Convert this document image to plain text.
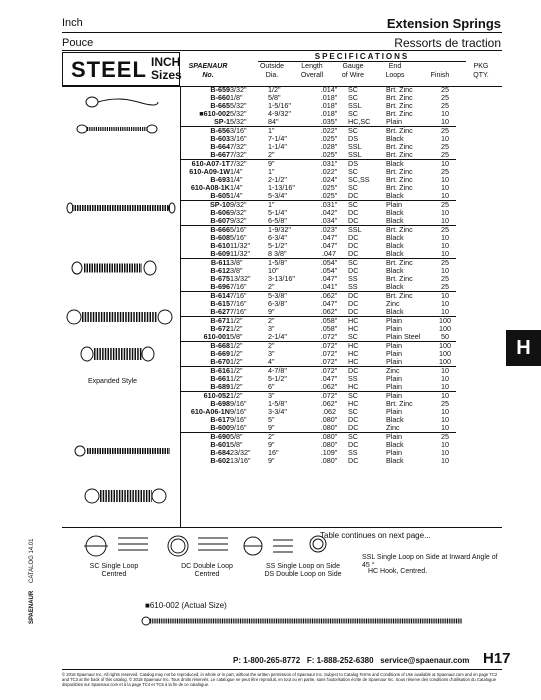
Inch
Pouce
Extension Springs
Ressorts de traction
STEEL INCH
Sizes
SPECIFICATIONS
SPAENAUR
No.
Outside
Dia.
Length
Overall
Gauge
of Wire
End
Loops	Finish
PKG
QTY.
Expanded Style
B-659	3/32"	1/2"	.014"	SC	Brt. Zinc	25
B-660	1/8"	5/8"	.018"	SC	Brt. Zinc	25
B-665	5/32"	1-5/16"	.018"	SSL	Brt. Zinc	25
■610-002	5/32"	4-9/32"	.018"	SC	Brt. Zinc	10
SP-1	5/32"	84"	.035"	HC,SC	Plain	10
B-656	3/16"	1"	.022"	SC	Brt. Zinc	25
B-603	3/16"	7-1/4"	.025"	DS	Black	10
B-664	7/32"	1-1/4"	.028"	SSL	Brt. Zinc	25
B-667	7/32"	2"	.025"	SSL	Brt. Zinc	25
610-A07-1T	7/32"	9"	.031"	DS	Black	10
610-A09-1W	1/4"	1"	.022"	SC	Brt. Zinc	25
B-693	1/4"	2-1/2"	.024"	SC,SS	Brt. Zinc	10
610-A08-1K	1/4"	1-13/16"	.025"	SC	Brt. Zinc	10
B-605	1/4"	5-3/4"	.025"	DC	Black	10
SP-10	9/32"	1"	.031"	SC	Plain	25
B-606	9/32"	5-1/4"	.042"	DC	Black	10
B-607	9/32"	6-5/8"	.034"	DC	Black	10
B-666	5/16"	1-9/32"	.023"	SSL	Brt. Zinc	25
B-608	5/16"	6-3/4"	.047"	DC	Black	10
B-610	11/32"	5-1/2"	.047"	DC	Black	10
B-609	11/32"	8 3/8"	.047	DC	Black	10
B-611	3/8"	1-5/8"	.054"	SC	Brt. Zinc	25
B-612	3/8"	10"	.054"	DC	Black	10
B-675	13/32"	3-13/16"	.047"	SS	Brt. Zinc	25
B-696	7/16"	2"	.041"	SS	Black	25
B-614	7/16"	5-3/8"	.062"	DC	Brt. Zinc	10
B-615	7/16"	6-3/8"	.047"	DC	Zinc	10
B-627	7/16"	9"	.062"	DC	Black	10
B-671	1/2"	2"	.058"	HC	Plain	100
B-672	1/2"	3"	.058"	HC	Plain	100
610-001	5/8"	2-1/4"	.072"	SC	Plain Steel	50
B-668	1/2"	2"	.072"	HC	Plain	100
B-669	1/2"	3"	.072"	HC	Plain	100
B-670	1/2"	4"	.072"	HC	Plain	100
B-616	1/2"	4-7/8"	.072"	DC	Zinc	10
B-661	1/2"	5-1/2"	.047"	SS	Plain	10
B-689	1/2"	6"	.062"	HC	Plain	10
610-052	1/2"	3"	.072"	SC	Plain	10
B-698	9/16"	1-5/8"	.062"	HC	Brt. Zinc	25
610-A06-1N	9/16"	3-3/4"	.062	SC	Plain	10
B-617	9/16"	5"	.080"	DC	Black	10
B-600	9/16"	9"	.080"	DC	Zinc	10
B-690	5/8"	2"	.080"	SC	Plain	25
B-601	5/8"	9"	.080"	DC	Black	10
B-684	23/32"	16"	.109"	SS	Plain	10
B-602	13/16"	9"	.080"	DC	Black	10
Table continues on next page...
SC Single Loop
Centred
DC Double Loop
Centred
SS Single Loop on Side
DS Double Loop on Side
SSL Single Loop on Side at Inward Angle of 45 °
HC Hook, Centred.
H
CATALOG 14.01
SPAENAUR	■610-002 (Actual Size)
P: 1-800-265-8772 F: 1-888-252-6380 service@spaenaur.com H17
© 2018 Spaenaur Inc. All rights reserved. Catalog may not be reproduced, in whole or in part, without the written permission of Spaenaur Inc. Subject to Catalog Terms and Conditions of Use available at Spaenaur.com and on page TC2 and TC3 at the back of this catalog. © 2018 Spaenaur Inc. Tous droits réservés. Le catalogue ne peut être reproduit, en tout ou en partie, sans l'autorisation écrite de Spaenaur Inc. Sous réserve des conditions d'utilisation du Catalogue disponibles sur Spaenaur.com et à la page TC4 et TC5 à la fin de ce catalogue.
